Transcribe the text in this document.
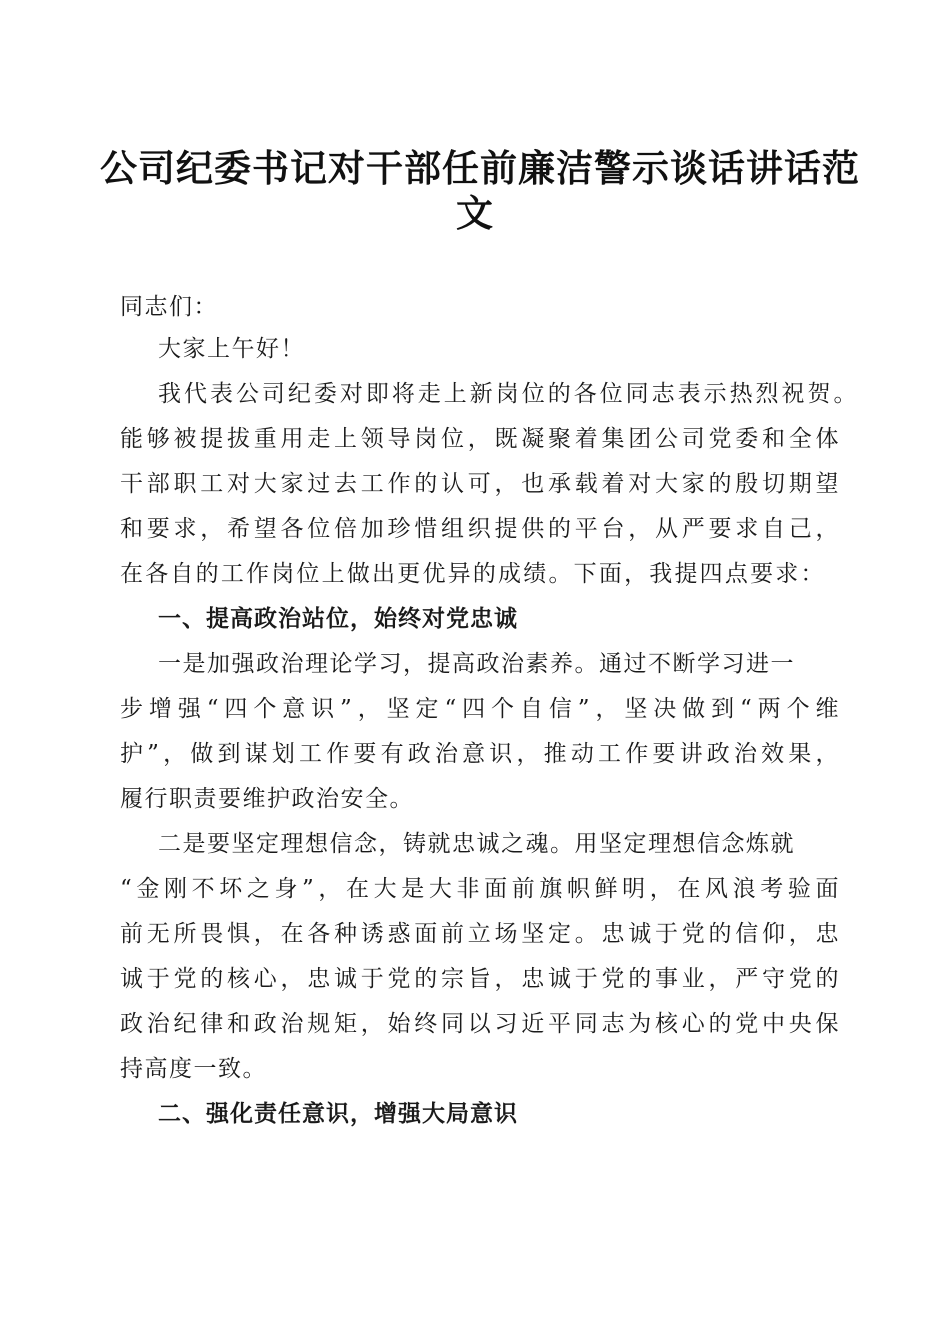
公司纪委书记对干部任前廉洁警示谈话讲话范
文
同志们：
大家上午好！
我代表公司纪委对即将走上新岗位的各位同志表示热烈祝贺。
能够被提拔重用走上领导岗位，既凝聚着集团公司党委和全体
干部职工对大家过去工作的认可，也承载着对大家的殷切期望
和要求，希望各位倍加珍惜组织提供的平台，从严要求自己，
在各自的工作岗位上做出更优异的成绩。下面，我提四点要求：
一、提高政治站位，始终对党忠诚
一是加强政治理论学习，提高政治素养。通过不断学习进一
步增强“四个意识”，坚定“四个自信”，坚决做到“两个维
护”，做到谋划工作要有政治意识，推动工作要讲政治效果，
履行职责要维护政治安全。
二是要坚定理想信念，铸就忠诚之魂。用坚定理想信念炼就
“金刚不坏之身”，在大是大非面前旗帜鲜明，在风浪考验面
前无所畏惧，在各种诱惑面前立场坚定。忠诚于党的信仰，忠
诚于党的核心，忠诚于党的宗旨，忠诚于党的事业，严守党的
政治纪律和政治规矩，始终同以习近平同志为核心的党中央保
持高度一致。
二、强化责任意识，增强大局意识
